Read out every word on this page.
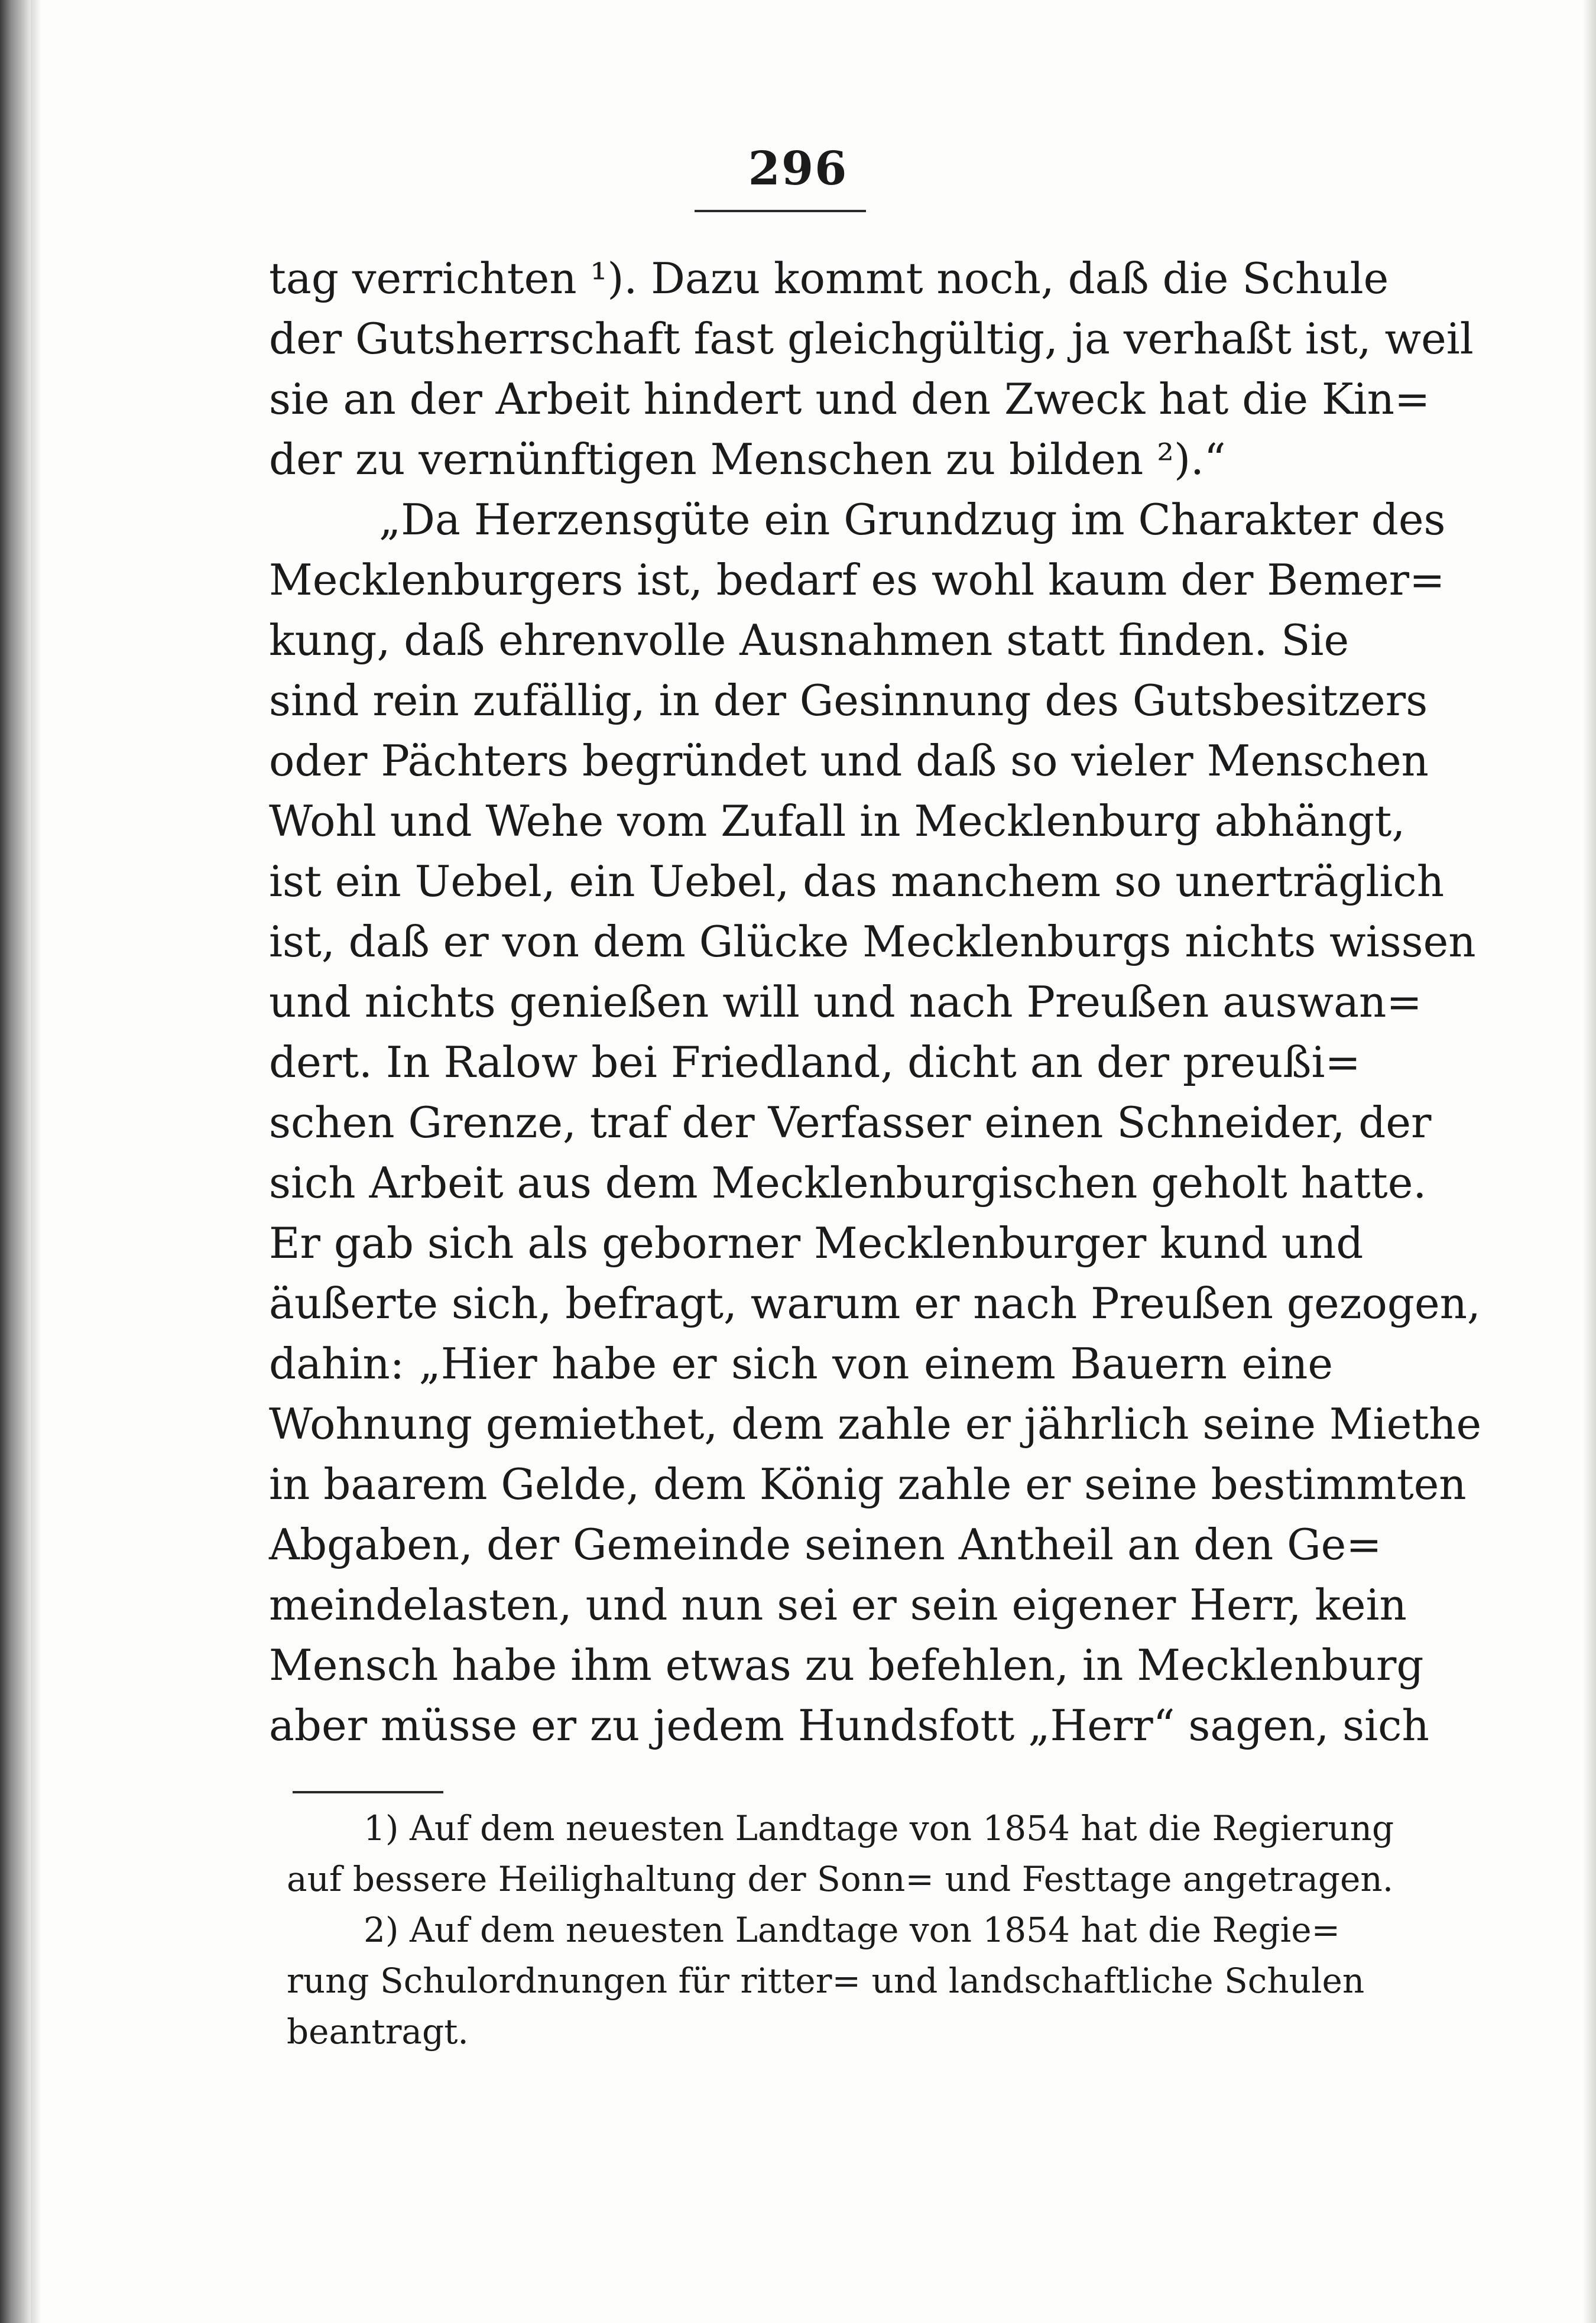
296
tag verrichten ¹). Dazu kommt noch, daß die Schule
der Gutsherrschaft fast gleichgültig, ja verhaßt ist, weil
sie an der Arbeit hindert und den Zweck hat die Kin=
der zu vernünftigen Menschen zu bilden ²).“
„Da Herzensgüte ein Grundzug im Charakter des
Mecklenburgers ist, bedarf es wohl kaum der Bemer=
kung, daß ehrenvolle Ausnahmen statt finden. Sie
sind rein zufällig, in der Gesinnung des Gutsbesitzers
oder Pächters begründet und daß so vieler Menschen
Wohl und Wehe vom Zufall in Mecklenburg abhängt,
ist ein Uebel, ein Uebel, das manchem so unerträglich
ist, daß er von dem Glücke Mecklenburgs nichts wissen
und nichts genießen will und nach Preußen auswan=
dert. In Ralow bei Friedland, dicht an der preußi=
schen Grenze, traf der Verfasser einen Schneider, der
sich Arbeit aus dem Mecklenburgischen geholt hatte.
Er gab sich als geborner Mecklenburger kund und
äußerte sich, befragt, warum er nach Preußen gezogen,
dahin: „Hier habe er sich von einem Bauern eine
Wohnung gemiethet, dem zahle er jährlich seine Miethe
in baarem Gelde, dem König zahle er seine bestimmten
Abgaben, der Gemeinde seinen Antheil an den Ge=
meindelasten, und nun sei er sein eigener Herr, kein
Mensch habe ihm etwas zu befehlen, in Mecklenburg
aber müsse er zu jedem Hundsfott „Herr“ sagen, sich
1) Auf dem neuesten Landtage von 1854 hat die Regierung
auf bessere Heilighaltung der Sonn= und Festtage angetragen.
2) Auf dem neuesten Landtage von 1854 hat die Regie=
rung Schulordnungen für ritter= und landschaftliche Schulen
beantragt.
